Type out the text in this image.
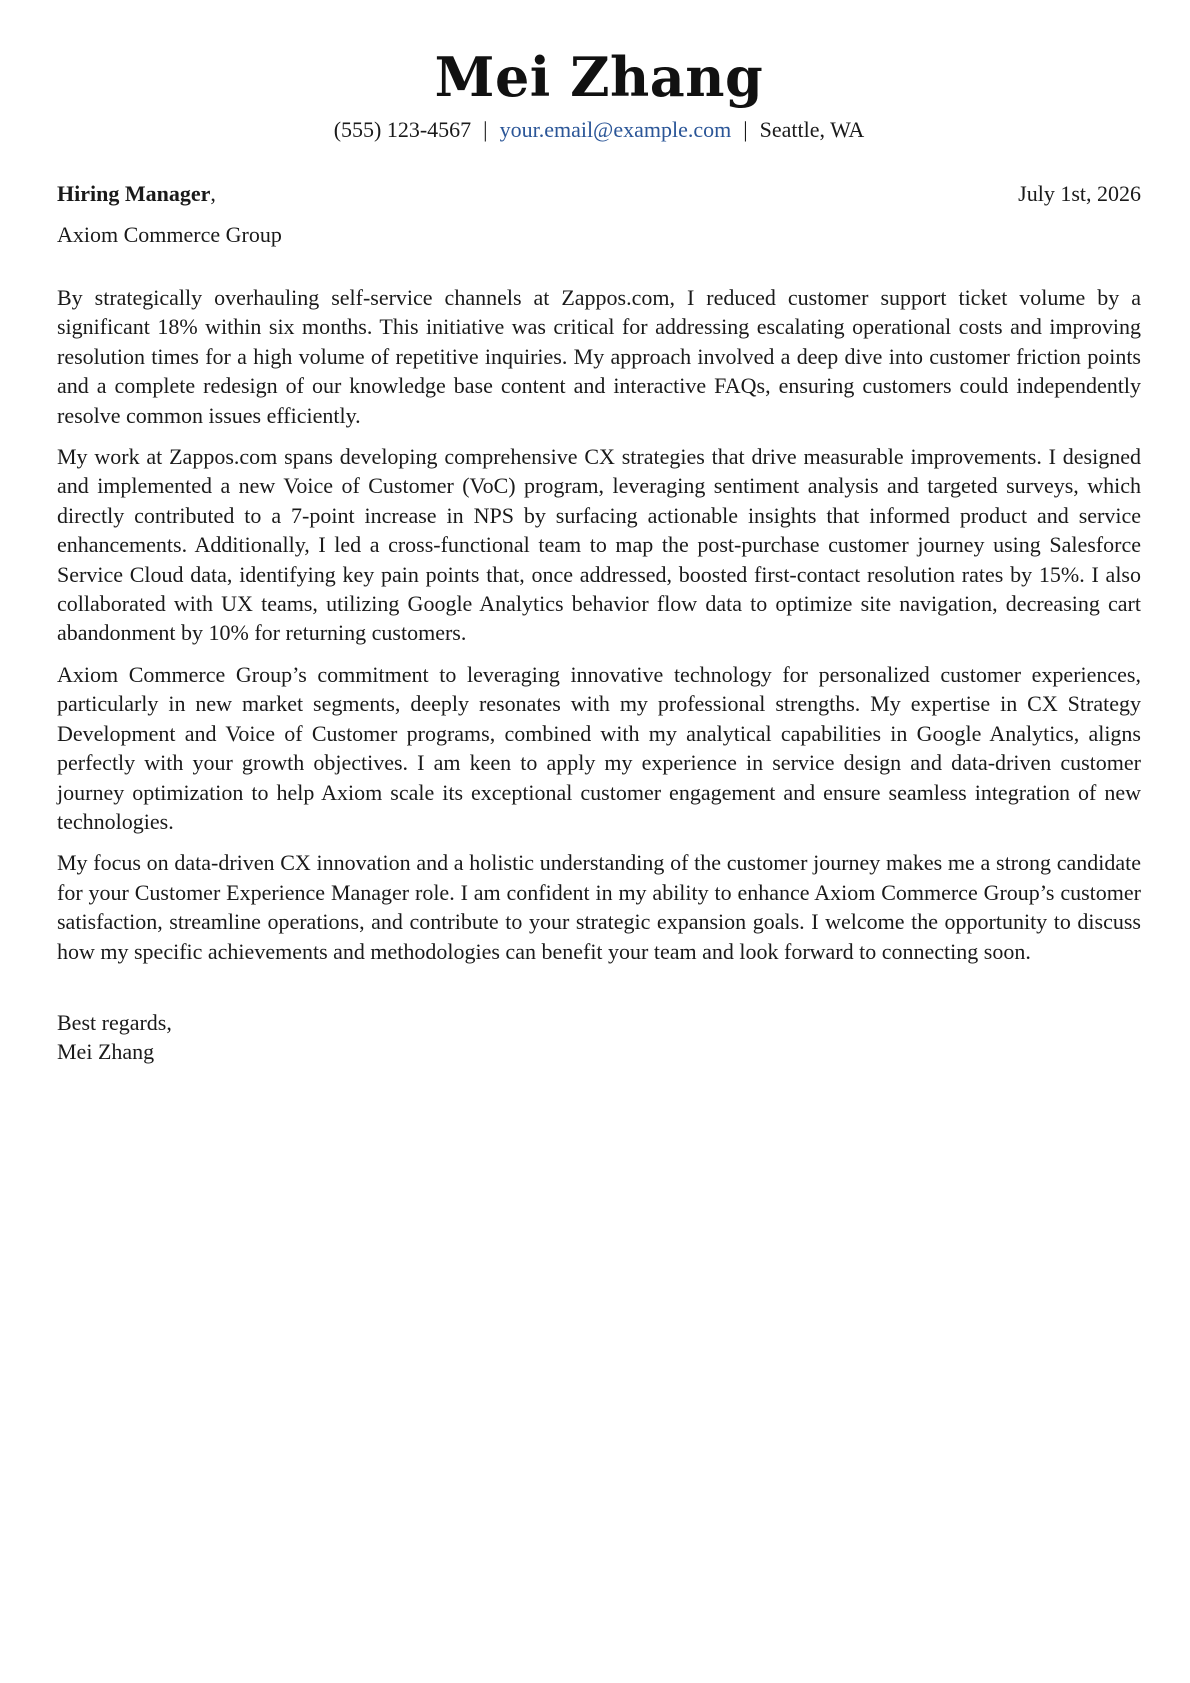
Mei Zhang
(555) 123-4567 | your.email@example.com | Seattle, WA
Hiring Manager,	July 1st, 2026
Axiom Commerce Group

By strategically overhauling self-service channels at Zappos.com, I reduced customer support ticket volume by a significant 18% within six months. This initiative was critical for addressing escalating operational costs and improving resolution times for a high volume of repetitive inquiries. My approach involved a deep dive into customer friction points and a complete redesign of our knowledge base content and interactive FAQs, ensuring customers could independently resolve common issues efficiently.

My work at Zappos.com spans developing comprehensive CX strategies that drive measurable improvements. I designed and implemented a new Voice of Customer (VoC) program, leveraging sentiment analysis and targeted surveys, which directly contributed to a 7-point increase in NPS by surfacing actionable insights that informed product and service enhancements. Additionally, I led a cross-functional team to map the post-purchase customer journey using Salesforce Service Cloud data, identifying key pain points that, once addressed, boosted first-contact resolution rates by 15%. I also collaborated with UX teams, utilizing Google Analytics behavior flow data to optimize site navigation, decreasing cart abandonment by 10% for returning customers.

Axiom Commerce Group’s commitment to leveraging innovative technology for personalized customer experiences, particularly in new market segments, deeply resonates with my professional strengths. My expertise in CX Strategy Development and Voice of Customer programs, combined with my analytical capabilities in Google Analytics, aligns perfectly with your growth objectives. I am keen to apply my experience in service design and data-driven customer journey optimization to help Axiom scale its exceptional customer engagement and ensure seamless integration of new technologies.

My focus on data-driven CX innovation and a holistic understanding of the customer journey makes me a strong candidate for your Customer Experience Manager role. I am confident in my ability to enhance Axiom Commerce Group’s customer satisfaction, streamline operations, and contribute to your strategic expansion goals. I welcome the opportunity to discuss how my specific achievements and methodologies can benefit your team and look forward to connecting soon.

Best regards,
Mei Zhang
